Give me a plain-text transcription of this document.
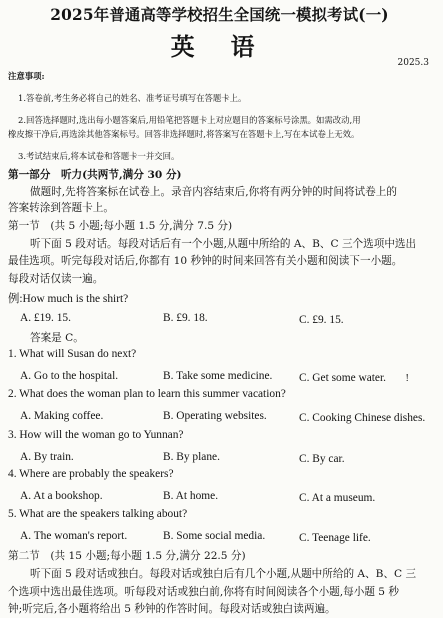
2025年普通高等学校招生全国统一模拟考试(一)
英 语
2025.3
注意事项:
1.答卷前,考生务必将自己的姓名、准考证号填写在答题卡上。
2.回答选择题时,选出每小题答案后,用铅笔把答题卡上对应题目的答案标号涂黑。如需改动,用
橡皮擦干净后,再选涂其他答案标号。回答非选择题时,将答案写在答题卡上,写在本试卷上无效。
3.考试结束后,将本试卷和答题卡一并交回。
第一部分　听力(共两节,满分 30 分)
做题时,先将答案标在试卷上。录音内容结束后,你将有两分钟的时间将试卷上的
答案转涂到答题卡上。
第一节　(共 5 小题;每小题 1.5 分,满分 7.5 分)
听下面 5 段对话。每段对话后有一个小题,从题中所给的 A、B、C 三个选项中选出
最佳选项。听完每段对话后,你都有 10 秒钟的时间来回答有关小题和阅读下一小题。
每段对话仅读一遍。
例:How much is the shirt?
A. £19. 15.	B. £9. 18.	C. £9. 15.
答案是 C。
1. What will Susan do next?
A. Go to the hospital.	B. Take some medicine. C. Get some water. !
2. What does the woman plan to learn this summer vacation?
A. Making coffee.	B. Operating websites.	C. Cooking Chinese dishes.
3. How will the woman go to Yunnan?
A. By train.	B. By plane.	C. By car.
4. Where are probably the speakers?
A. At a bookshop.	B. At home.	C. At a museum.
5. What are the speakers talking about?
A. The woman's report.	B. Some social media.	C. Teenage life.
第二节　(共 15 小题;每小题 1.5 分,满分 22.5 分)
听下面 5 段对话或独白。每段对话或独白后有几个小题,从题中所给的 A、B、C 三
个选项中选出最佳选项。听每段对话或独白前,你将有时间阅读各个小题,每小题 5 秒
钟;听完后,各小题将给出 5 秒钟的作答时间。每段对话或独白读两遍。
